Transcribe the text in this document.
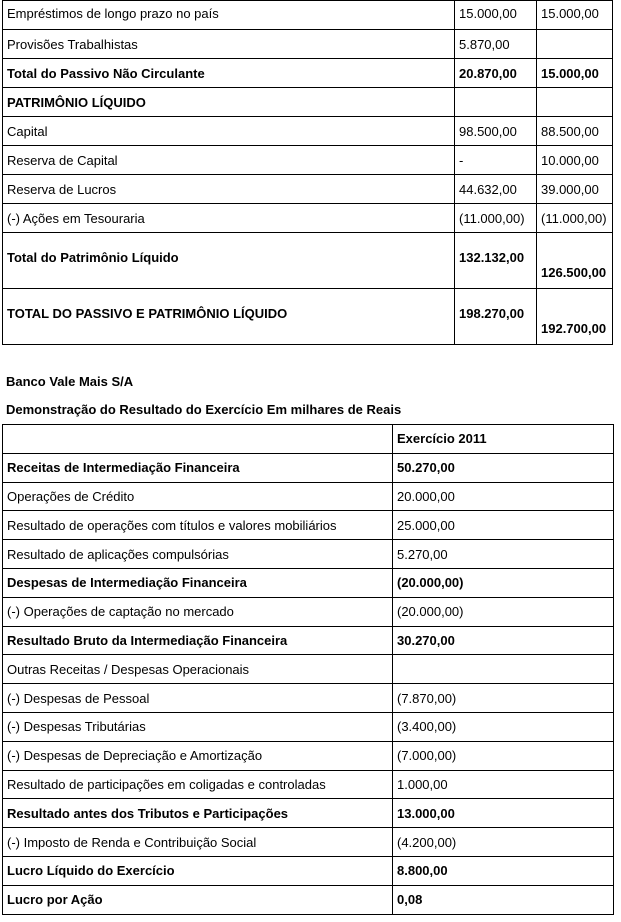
Empréstimos de longo prazo no país	15.000,00	15.000,00
Provisões Trabalhistas	5.870,00	
Total do Passivo Não Circulante	20.870,00	15.000,00
PATRIMÔNIO LÍQUIDO		
Capital	98.500,00	88.500,00
Reserva de Capital	-	10.000,00
Reserva de Lucros	44.632,00	39.000,00
(-) Ações em Tesouraria	(11.000,00)	(11.000,00)
Total do Patrimônio Líquido	132.132,00	126.500,00
TOTAL DO PASSIVO E PATRIMÔNIO LÍQUIDO	198.270,00	192.700,00
Banco Vale Mais S/A
Demonstração do Resultado do Exercício Em milhares de Reais
	Exercício 2011
Receitas de Intermediação Financeira	50.270,00
Operações de Crédito	20.000,00
Resultado de operações com títulos e valores mobiliários	25.000,00
Resultado de aplicações compulsórias	5.270,00
Despesas de Intermediação Financeira	(20.000,00)
(-) Operações de captação no mercado	(20.000,00)
Resultado Bruto da Intermediação Financeira	30.270,00
Outras Receitas / Despesas Operacionais	
(-) Despesas de Pessoal	(7.870,00)
(-) Despesas Tributárias	(3.400,00)
(-) Despesas de Depreciação e Amortização	(7.000,00)
Resultado de participações em coligadas e controladas	1.000,00
Resultado antes dos Tributos e Participações	13.000,00
(-) Imposto de Renda e Contribuição Social	(4.200,00)
Lucro Líquido do Exercício	8.800,00
Lucro por Ação	0,08
